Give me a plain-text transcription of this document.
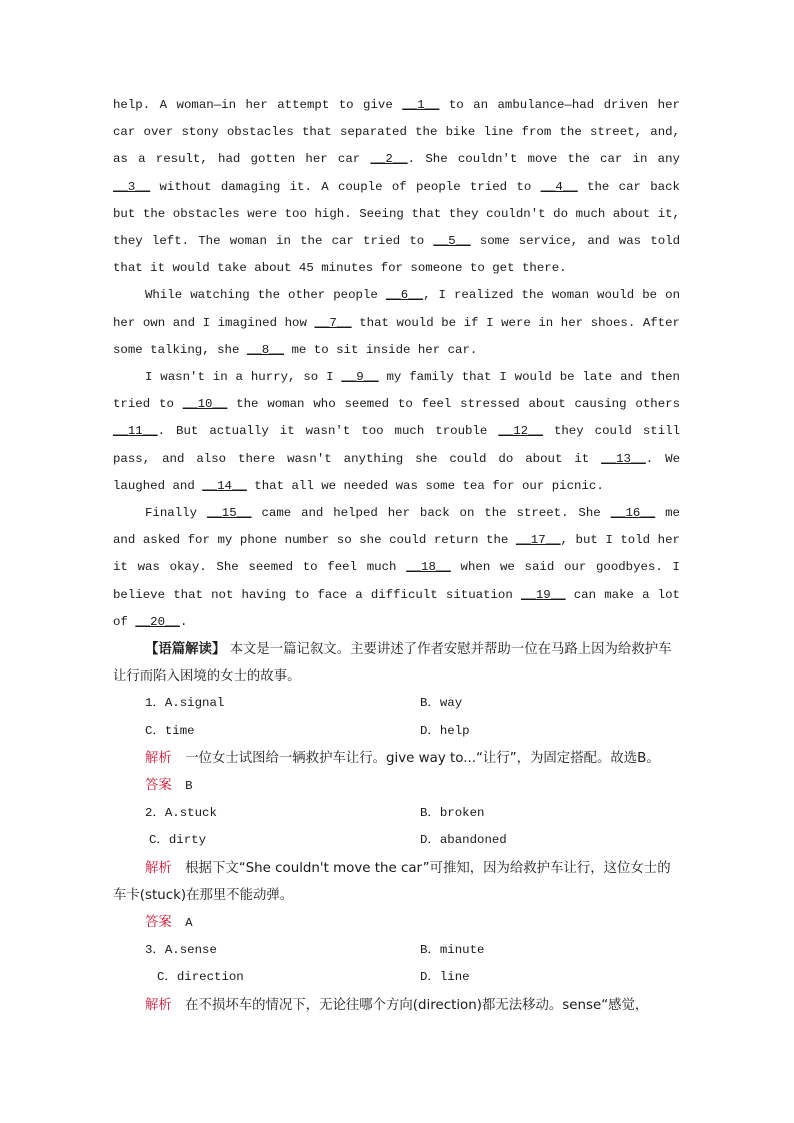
help. A woman—in her attempt to give __1__ to an ambulance—had driven her car over stony obstacles that separated the bike line from the street, and, as a result, had gotten her car __2__. She couldn't move the car in any __3__ without damaging it. A couple of people tried to __4__ the car back but the obstacles were too high. Seeing that they couldn't do much about it, they left. The woman in the car tried to __5__ some service, and was told that it would take about 45 minutes for someone to get there.

While watching the other people __6__, I realized the woman would be on her own and I imagined how __7__ that would be if I were in her shoes. After some talking, she __8__ me to sit inside her car.

I wasn't in a hurry, so I __9__ my family that I would be late and then tried to __10__ the woman who seemed to feel stressed about causing others __11__. But actually it wasn't too much trouble __12__ they could still pass, and also there wasn't anything she could do about it __13__. We laughed and __14__ that all we needed was some tea for our picnic.

Finally __15__ came and helped her back on the street. She __16__ me and asked for my phone number so she could return the __17__, but I told her it was okay. She seemed to feel much __18__ when we said our goodbyes. I believe that not having to face a difficult situation __19__ can make a lot of __20__.

【语篇解读】 本文是一篇记叙文。主要讲述了作者安慰并帮助一位在马路上因为给救护车让行而陷入困境的女士的故事。

1．A.signal	B．way
C．time	D．help

解析　 一位女士试图给一辆救护车让行。give way to...“让行”，为固定搭配。故选B。

答案　 B

2．A.stuck	B．broken
C．dirty	D．abandoned

解析　 根据下文“She couldn't move the car”可推知，因为给救护车让行，这位女士的车卡(stuck)在那里不能动弹。

答案　 A

3．A.sense	B．minute
C．direction	D．line

解析　 在不损坏车的情况下，无论往哪个方向(direction)都无法移动。sense“感觉，
